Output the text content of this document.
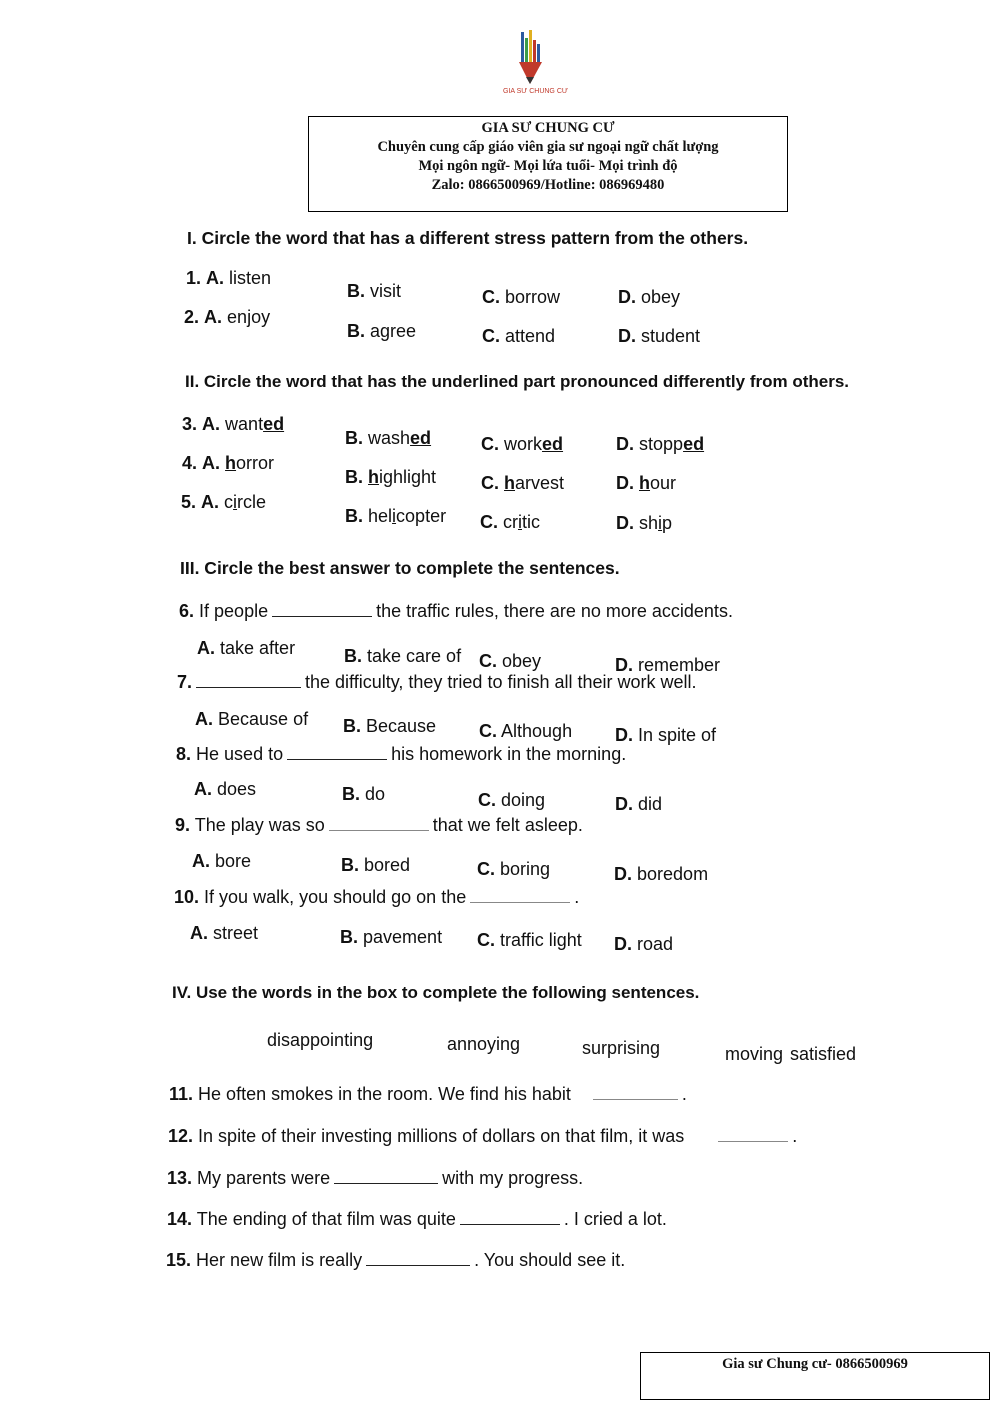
GIA SƯ CHUNG CƯ
GIA SƯ CHUNG CƯ
Chuyên cung cấp giáo viên gia sư ngoại ngữ chất lượng
Mọi ngôn ngữ- Mọi lứa tuổi- Mọi trình độ
Zalo: 0866500969/Hotline: 086969480
I. Circle the word that has a different stress pattern from the others.
1. A. listen
B. visit	C. borrow	D. obey
2. A. enjoy
B. agree	C. attend	D. student
II. Circle the word that has the underlined part pronounced differently from others.
3. A. wanted
B. washed	C. worked	D. stopped
4. A. horror
B. highlight C. harvest	D. hour
5. A. circle
B. helicopter C. critic	D. ship
III. Circle the best answer to complete the sentences.
6. If people	the traffic rules, there are no more accidents.
A. take after	B. take care of C. obey	D. remember
7.	the difficulty, they tried to finish all their work well.
A. Because of B. Because C. Although D. In spite of
8. He used to	his homework in the morning.
A. does	B. do	C. doing	D. did
9. The play was so	that we felt asleep.
A. bore	B. bored	C. boring	D. boredom
10. If you walk, you should go on the	.
A. street	B. pavement C. traffic light D. road
IV. Use the words in the box to complete the following sentences.
disappointing	annoying	surprising	moving satisfied
11. He often smokes in the room. We find his habit	.
12. In spite of their investing millions of dollars on that film, it was	.
13. My parents were	with my progress.
14. The ending of that film was quite	. I cried a lot.
15. Her new film is really	. You should see it.
Gia sư Chung cư- 0866500969
